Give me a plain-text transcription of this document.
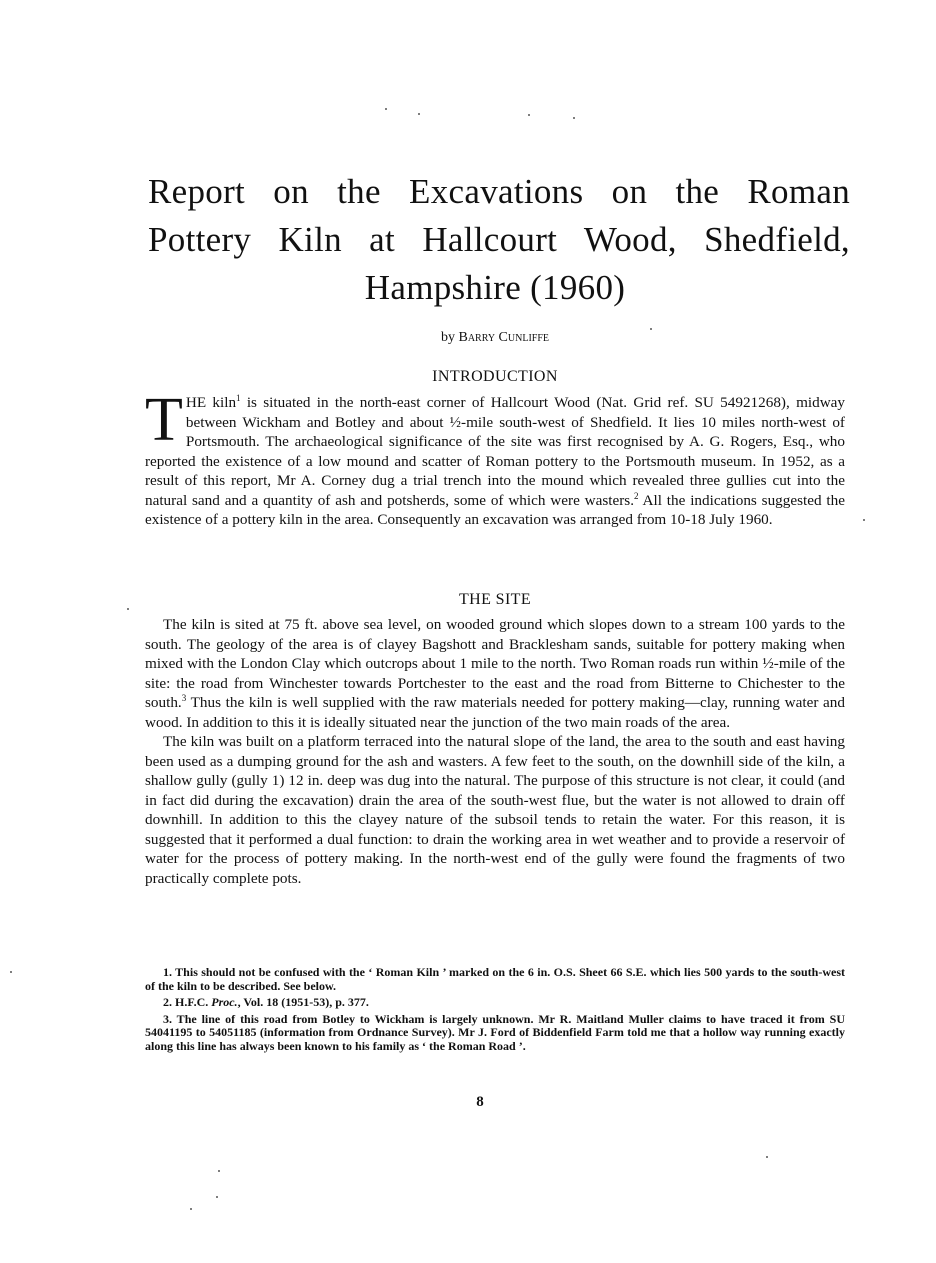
Report on the Excavations on the Roman
Pottery Kiln at Hallcourt Wood, Shedfield,
Hampshire (1960)
by Barry Cunliffe
INTRODUCTION
THE kiln$^1$ is situated in the north-east corner of Hallcourt Wood (Nat. Grid ref. SU 54921268), midway between Wickham and Botley and about ½-mile south-west of Shedfield. It lies 10 miles north-west of Portsmouth. The archaeological significance of the site was first recognised by A. G. Rogers, Esq., who reported the existence of a low mound and scatter of Roman pottery to the Portsmouth museum. In 1952, as a result of this report, Mr A. Corney dug a trial trench into the mound which revealed three gullies cut into the natural sand and a quantity of ash and potsherds, some of which were wasters.$^2$ All the indications suggested the existence of a pottery kiln in the area. Consequently an excavation was arranged from 10-18 July 1960.
THE SITE

The kiln is sited at 75 ft. above sea level, on wooded ground which slopes down to a stream 100 yards to the south. The geology of the area is of clayey Bagshott and Bracklesham sands, suitable for pottery making when mixed with the London Clay which outcrops about 1 mile to the north. Two Roman roads run within ½-mile of the site: the road from Winchester towards Portchester to the east and the road from Bitterne to Chichester to the south.$^3$ Thus the kiln is well supplied with the raw materials needed for pottery making—clay, running water and wood. In addition to this it is ideally situated near the junction of the two main roads of the area.

The kiln was built on a platform terraced into the natural slope of the land, the area to the south and east having been used as a dumping ground for the ash and wasters. A few feet to the south, on the downhill side of the kiln, a shallow gully (gully 1) 12 in. deep was dug into the natural. The purpose of this structure is not clear, it could (and in fact did during the excavation) drain the area of the south-west flue, but the water is not allowed to drain off downhill. In addition to this the clayey nature of the subsoil tends to retain the water. For this reason, it is suggested that it performed a dual function: to drain the working area in wet weather and to provide a reservoir of water for the process of pottery making. In the north-west end of the gully were found the fragments of two practically complete pots.

1. This should not be confused with the ‘ Roman Kiln ’ marked on the 6 in. O.S. Sheet 66 S.E. which lies 500 yards to the south-west of the kiln to be described. See below.

2. H.F.C. Proc., Vol. 18 (1951-53), p. 377.

3. The line of this road from Botley to Wickham is largely unknown. Mr R. Maitland Muller claims to have traced it from SU 54041195 to 54051185 (information from Ordnance Survey). Mr J. Ford of Biddenfield Farm told me that a hollow way running exactly along this line has always been known to his family as ‘ the Roman Road ’.

8
